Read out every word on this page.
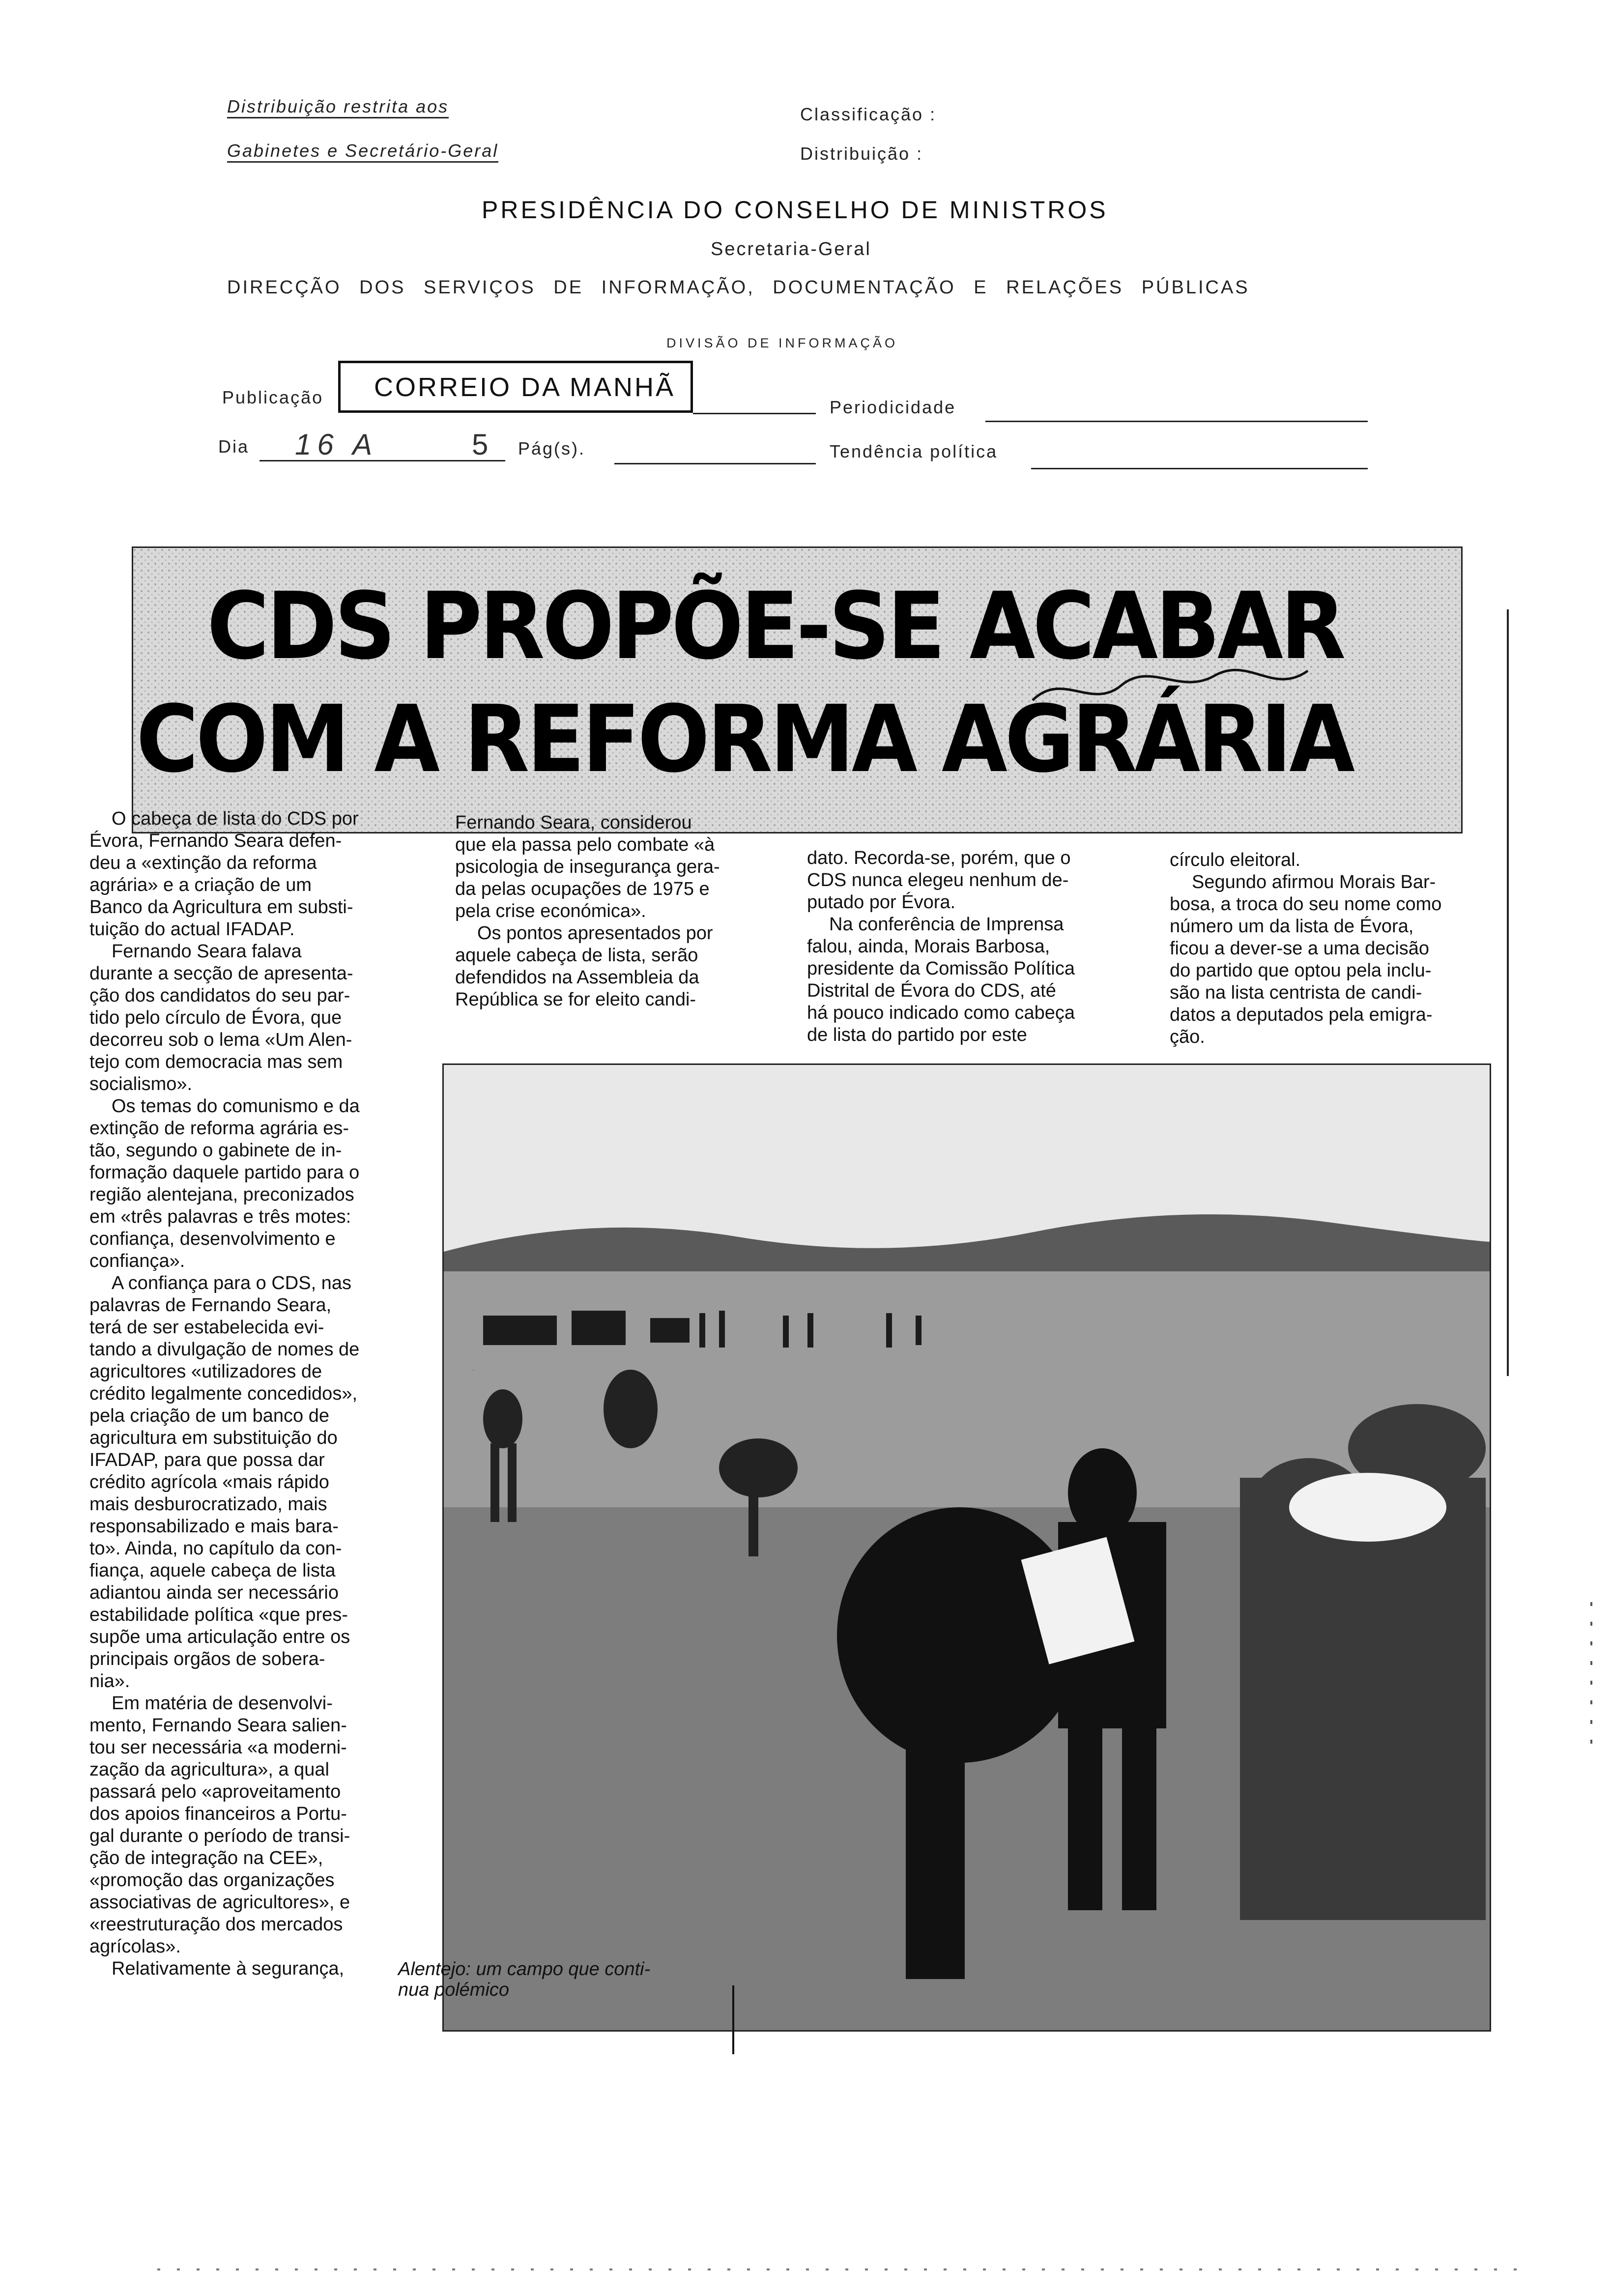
Distribuição restrita aos
Gabinetes e Secretário-Geral
Classificação :
Distribuição :
PRESIDÊNCIA DO CONSELHO DE MINISTROS
Secretaria-Geral
DIRECÇÃO DOS SERVIÇOS DE INFORMAÇÃO, DOCUMENTAÇÃO E RELAÇÕES PÚBLICAS
DIVISÃO DE INFORMAÇÃO
Publicação CORREIO DA MANHÃ
Periodicidade
Dia 16 A	5 Pág(s).	Tendência política
CDS PROPÕE-SE ACABAR
COM A REFORMA AGRÁRIA

O cabeça de lista do CDS por

Évora, Fernando Seara defen-

deu a «extinção da reforma

agrária» e a criação de um

Banco da Agricultura em substi-

tuição do actual IFADAP.

Fernando Seara falava

durante a secção de apresenta-

ção dos candidatos do seu par-

tido pelo círculo de Évora, que

decorreu sob o lema «Um Alen-

tejo com democracia mas sem

socialismo».

Os temas do comunismo e da

extinção de reforma agrária es-

tão, segundo o gabinete de in-

formação daquele partido para o

região alentejana, preconizados

em «três palavras e três motes:

confiança, desenvolvimento e

confiança».

A confiança para o CDS, nas

palavras de Fernando Seara,

terá de ser estabelecida evi-

tando a divulgação de nomes de

agricultores «utilizadores de

crédito legalmente concedidos»,

pela criação de um banco de

agricultura em substituição do

IFADAP, para que possa dar

crédito agrícola «mais rápido

mais desburocratizado, mais

responsabilizado e mais bara-

to». Ainda, no capítulo da con-

fiança, aquele cabeça de lista

adiantou ainda ser necessário

estabilidade política «que pres-

supõe uma articulação entre os

principais orgãos de sobera-

nia».

Em matéria de desenvolvi-

mento, Fernando Seara salien-

tou ser necessária «a moderni-

zação da agricultura», a qual

passará pelo «aproveitamento

dos apoios financeiros a Portu-

gal durante o período de transi-

ção de integração na CEE»,

«promoção das organizações

associativas de agricultores», e

«reestruturação dos mercados

agrícolas».

Relativamente à segurança,

Fernando Seara, considerou

que ela passa pelo combate «à

psicologia de insegurança gera-

da pelas ocupações de 1975 e

pela crise económica».

Os pontos apresentados por

aquele cabeça de lista, serão

defendidos na Assembleia da

República se for eleito candi-

dato. Recorda-se, porém, que o

CDS nunca elegeu nenhum de-

putado por Évora.

Na conferência de Imprensa

falou, ainda, Morais Barbosa,

presidente da Comissão Política

Distrital de Évora do CDS, até

há pouco indicado como cabeça

de lista do partido por este

círculo eleitoral.

Segundo afirmou Morais Bar-

bosa, a troca do seu nome como

número um da lista de Évora,

ficou a dever-se a uma decisão

do partido que optou pela inclu-

são na lista centrista de candi-

datos a deputados pela emigra-

ção.

Alentejo: um campo que conti-
nua polémico
